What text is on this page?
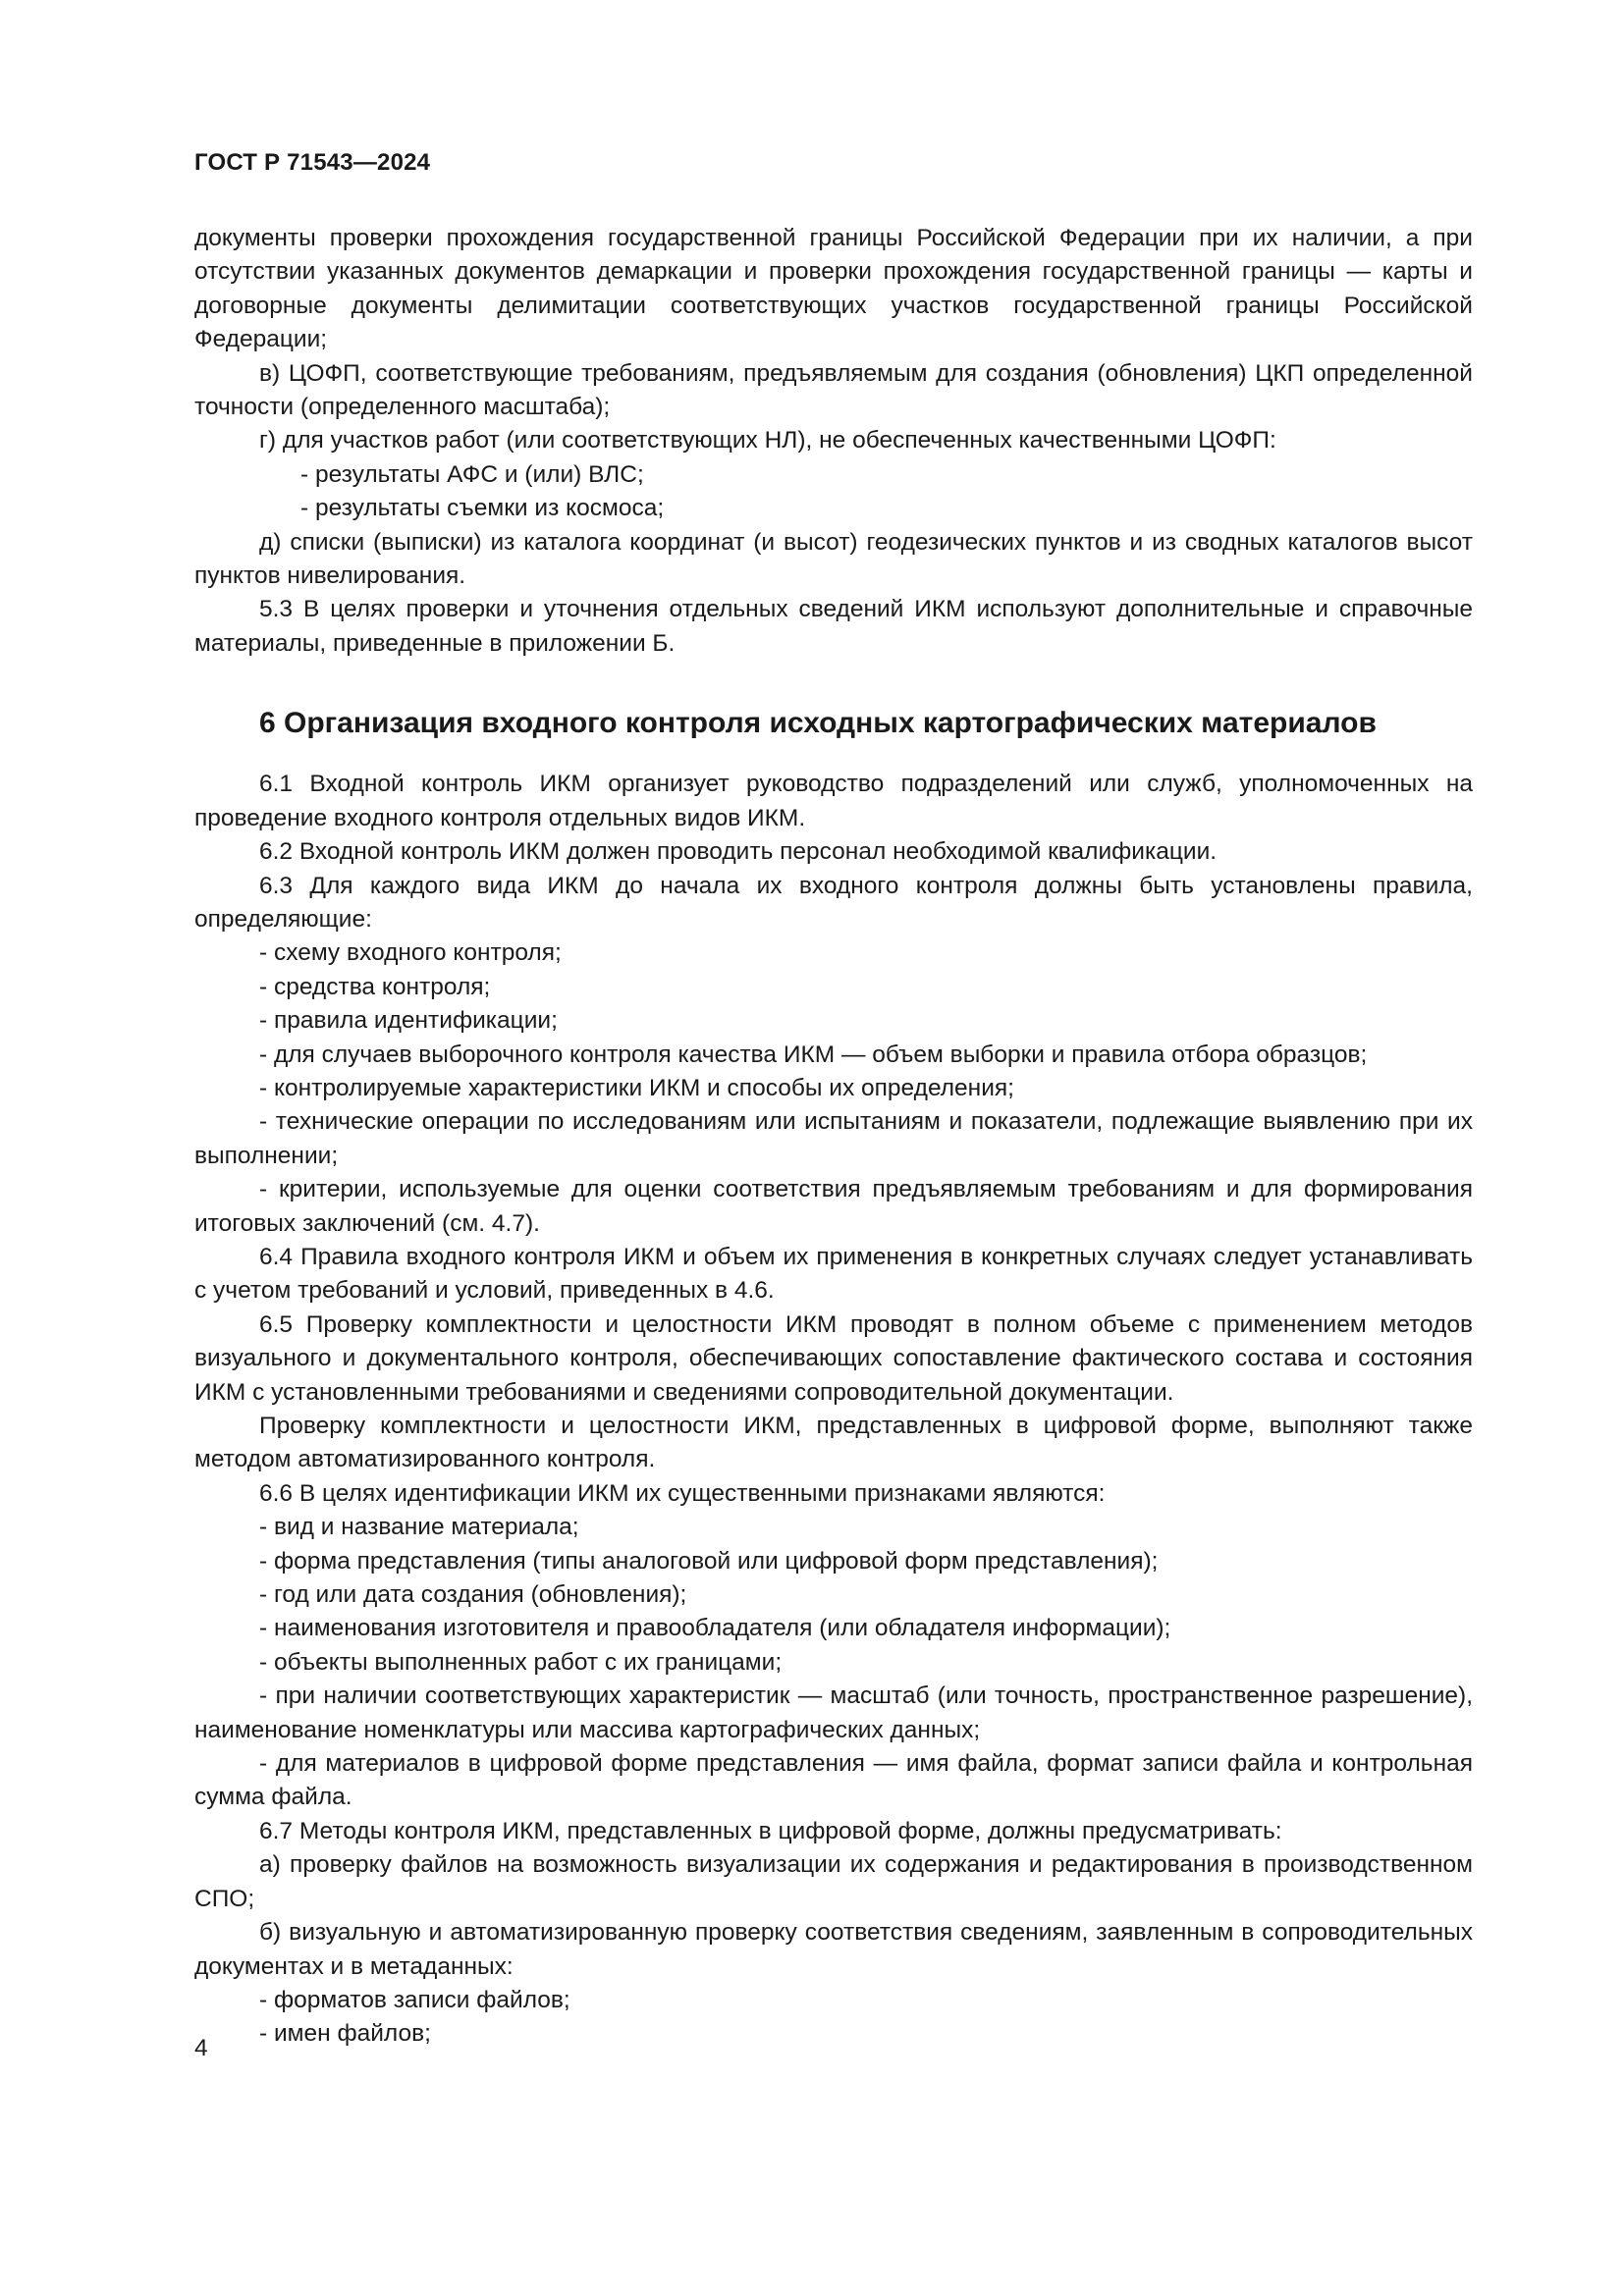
ГОСТ Р 71543—2024

документы проверки прохождения государственной границы Российской Федерации при их наличии, а при отсутствии указанных документов демаркации и проверки прохождения государственной границы — карты и договорные документы делимитации соответствующих участков государственной границы Российской Федерации;

в) ЦОФП, соответствующие требованиям, предъявляемым для создания (обновления) ЦКП определенной точности (определенного масштаба);

г) для участков работ (или соответствующих НЛ), не обеспеченных качественными ЦОФП:

- результаты АФС и (или) ВЛС;

- результаты съемки из космоса;

д) списки (выписки) из каталога координат (и высот) геодезических пунктов и из сводных каталогов высот пунктов нивелирования.

5.3 В целях проверки и уточнения отдельных сведений ИКМ используют дополнительные и справочные материалы, приведенные в приложении Б.

6 Организация входного контроля исходных картографических материалов

6.1 Входной контроль ИКМ организует руководство подразделений или служб, уполномоченных на проведение входного контроля отдельных видов ИКМ.

6.2 Входной контроль ИКМ должен проводить персонал необходимой квалификации.

6.3 Для каждого вида ИКМ до начала их входного контроля должны быть установлены правила, определяющие:

- схему входного контроля;

- средства контроля;

- правила идентификации;

- для случаев выборочного контроля качества ИКМ — объем выборки и правила отбора образцов;

- контролируемые характеристики ИКМ и способы их определения;

- технические операции по исследованиям или испытаниям и показатели, подлежащие выявлению при их выполнении;

- критерии, используемые для оценки соответствия предъявляемым требованиям и для формирования итоговых заключений (см. 4.7).

6.4 Правила входного контроля ИКМ и объем их применения в конкретных случаях следует устанавливать с учетом требований и условий, приведенных в 4.6.

6.5 Проверку комплектности и целостности ИКМ проводят в полном объеме с применением методов визуального и документального контроля, обеспечивающих сопоставление фактического состава и состояния ИКМ с установленными требованиями и сведениями сопроводительной документации.

Проверку комплектности и целостности ИКМ, представленных в цифровой форме, выполняют также методом автоматизированного контроля.

6.6 В целях идентификации ИКМ их существенными признаками являются:

- вид и название материала;

- форма представления (типы аналоговой или цифровой форм представления);

- год или дата создания (обновления);

- наименования изготовителя и правообладателя (или обладателя информации);

- объекты выполненных работ с их границами;

- при наличии соответствующих характеристик — масштаб (или точность, пространственное разрешение), наименование номенклатуры или массива картографических данных;

- для материалов в цифровой форме представления — имя файла, формат записи файла и контрольная сумма файла.

6.7 Методы контроля ИКМ, представленных в цифровой форме, должны предусматривать:

а) проверку файлов на возможность визуализации их содержания и редактирования в производственном СПО;

б) визуальную и автоматизированную проверку соответствия сведениям, заявленным в сопроводительных документах и в метаданных:

- форматов записи файлов;

- имен файлов;

4
